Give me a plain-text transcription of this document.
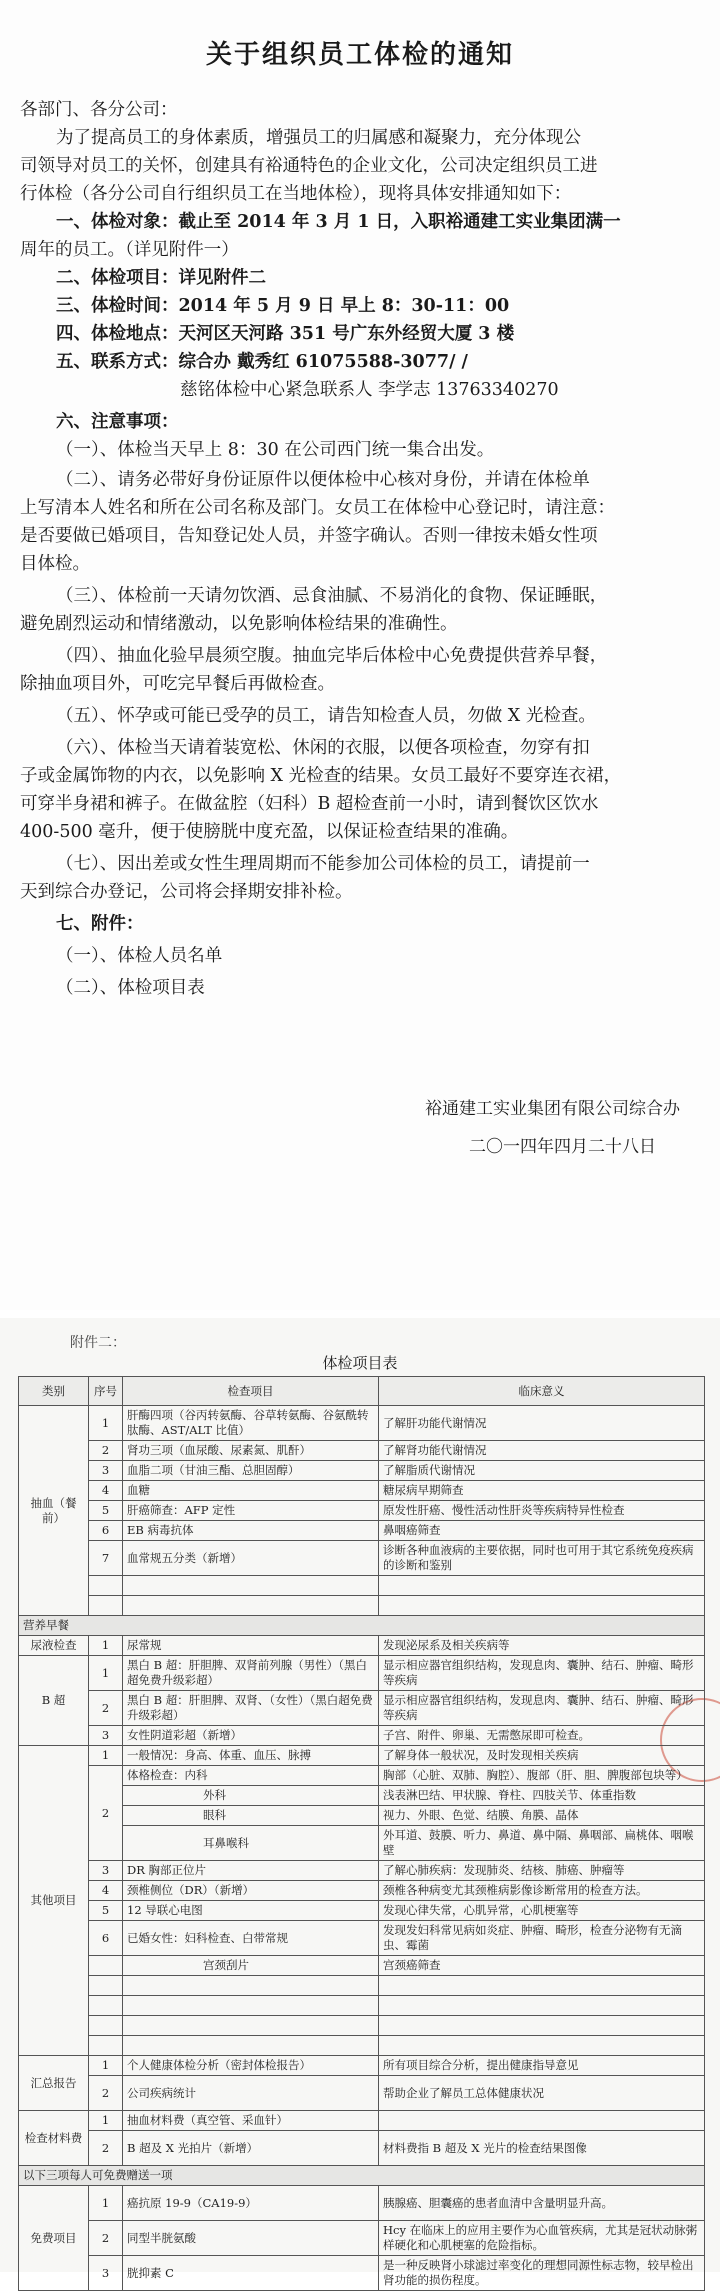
关于组织员工体检的通知
各部门、各分公司：
为了提高员工的身体素质，增强员工的归属感和凝聚力，充分体现公
司领导对员工的关怀，创建具有裕通特色的企业文化，公司决定组织员工进
行体检（各分公司自行组织员工在当地体检），现将具体安排通知如下：
一、体检对象：截止至 2014 年 3 月 1 日，入职裕通建工实业集团满一
周年的员工。（详见附件一）
二、体检项目：详见附件二
三、体检时间：2014 年 5 月 9 日 早上 8：30-11：00
四、体检地点：天河区天河路 351 号广东外经贸大厦 3 楼
五、联系方式：综合办 戴秀红 61075588-3077/ /
慈铭体检中心紧急联系人 李学志 13763340270
六、注意事项：
（一）、体检当天早上 8：30 在公司西门统一集合出发。
（二）、请务必带好身份证原件以便体检中心核对身份，并请在体检单
上写清本人姓名和所在公司名称及部门。女员工在体检中心登记时，请注意：
是否要做已婚项目，告知登记处人员，并签字确认。否则一律按未婚女性项
目体检。
（三）、体检前一天请勿饮酒、忌食油腻、不易消化的食物、保证睡眠，
避免剧烈运动和情绪激动，以免影响体检结果的准确性。
（四）、抽血化验早晨须空腹。抽血完毕后体检中心免费提供营养早餐，
除抽血项目外，可吃完早餐后再做检查。
（五）、怀孕或可能已受孕的员工，请告知检查人员，勿做 X 光检查。
（六）、体检当天请着装宽松、休闲的衣服，以便各项检查，勿穿有扣
子或金属饰物的内衣，以免影响 X 光检查的结果。女员工最好不要穿连衣裙，
可穿半身裙和裤子。在做盆腔（妇科）B 超检查前一小时，请到餐饮区饮水
400-500 毫升，便于使膀胱中度充盈，以保证检查结果的准确。
（七）、因出差或女性生理周期而不能参加公司体检的员工，请提前一
天到综合办登记，公司将会择期安排补检。
七、附件：
（一）、体检人员名单
（二）、体检项目表
裕通建工实业集团有限公司综合办
二〇一四年四月二十八日
附件二：
体检项目表
类别	序号	检查项目	临床意义
抽血（餐前）	1	肝酶四项（谷丙转氨酶、谷草转氨酶、谷氨酰转肽酶、AST/ALT 比值）	了解肝功能代谢情况
	2	肾功三项（血尿酸、尿素氮、肌酐）	了解肾功能代谢情况
	3	血脂二项（甘油三酯、总胆固醇）	了解脂质代谢情况
	4	血糖	糖尿病早期筛查
	5	肝癌筛查：AFP 定性	原发性肝癌、慢性活动性肝炎等疾病特异性检查
	6	EB 病毒抗体	鼻咽癌筛查
	7	血常规五分类（新增）	诊断各种血液病的主要依据，同时也可用于其它系统免疫疾病的诊断和鉴别

营养早餐			
尿液检查	1	尿常规	发现泌尿系及相关疾病等
B 超	1	黑白 B 超：肝胆脾、双肾前列腺（男性）（黑白超免费升级彩超）	显示相应器官组织结构，发现息肉、囊肿、结石、肿瘤、畸形等疾病
	2	黑白 B 超：肝胆脾、双肾、（女性）（黑白超免费升级彩超）	显示相应器官组织结构，发现息肉、囊肿、结石、肿瘤、畸形等疾病
	3	女性阴道彩超（新增）	子宫、附件、卵巢、无需憋尿即可检查。
其他项目	1	一般情况：身高、体重、血压、脉搏	了解身体一般状况，及时发现相关疾病
	2	体格检查：内科	胸部（心脏、双肺、胸腔）、腹部（肝、胆、脾腹部包块等）
		外科	浅表淋巴结、甲状腺、脊柱、四肢关节、体重指数
		眼科	视力、外眼、色觉、结膜、角膜、晶体
		耳鼻喉科	外耳道、鼓膜、听力、鼻道、鼻中隔、鼻咽部、扁桃体、咽喉壁
	3	DR 胸部正位片	了解心肺疾病：发现肺炎、结核、肺癌、肿瘤等
	4	颈椎侧位（DR）（新增）	颈椎各种病变尤其颈椎病影像诊断常用的检查方法。
	5	12 导联心电图	发现心律失常，心肌异常，心肌梗塞等
	6	已婚女性：妇科检查、白带常规	发现发妇科常见病如炎症、肿瘤、畸形，检查分泌物有无滴虫、霉菌
		宫颈刮片	宫颈癌筛查

汇总报告	1	个人健康体检分析（密封体检报告）	所有项目综合分析，提出健康指导意见
	2	公司疾病统计	帮助企业了解员工总体健康状况
检查材料费	1	抽血材料费（真空管、采血针）	
	2	B 超及 X 光拍片（新增）	材料费指 B 超及 X 光片的检查结果图像
以下三项每人可免费赠送一项			
免费项目	1	癌抗原 19-9（CA19-9）	胰腺癌、胆囊癌的患者血清中含量明显升高。
	2	同型半胱氨酸	Hcy 在临床上的应用主要作为心血管疾病，尤其是冠状动脉粥样硬化和心肌梗塞的危险指标。
	3	胱抑素 C	是一种反映肾小球滤过率变化的理想同源性标志物，较早检出肾功能的损伤程度。
